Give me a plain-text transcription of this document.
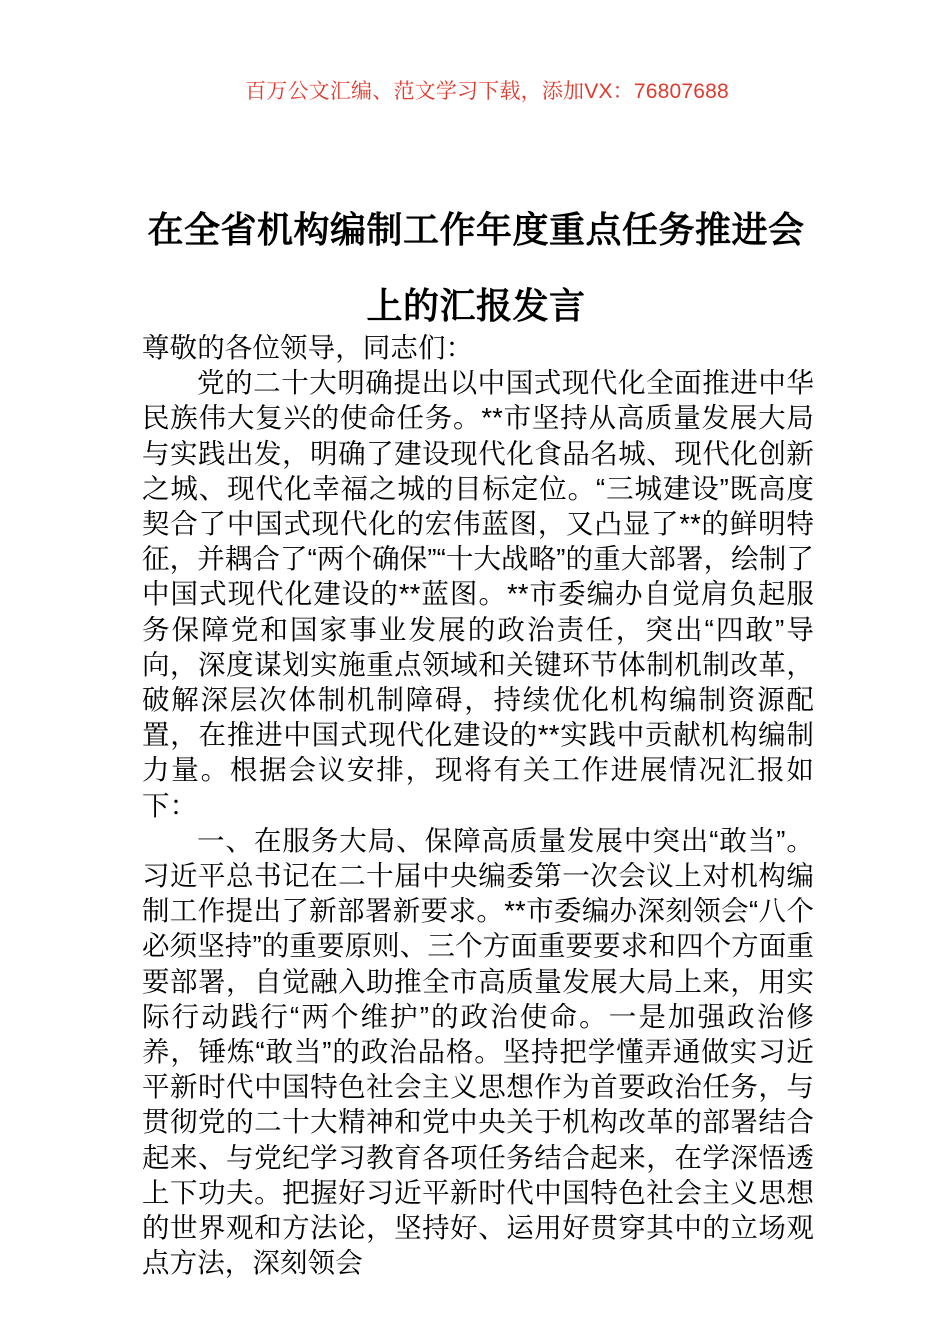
百万公文汇编、范文学习下载，添加VX：76807688
在全省机构编制工作年度重点任务推进会上的汇报发言

尊敬的各位领导，同志们：

党的二十大明确提出以中国式现代化全面推进中华民族伟大复兴的使命任务。**市坚持从高质量发展大局与实践出发，明确了建设现代化食品名城、现代化创新之城、现代化幸福之城的目标定位。“三城建设”既高度契合了中国式现代化的宏伟蓝图，又凸显了**的鲜明特征，并耦合了“两个确保”“十大战略”的重大部署，绘制了中国式现代化建设的**蓝图。**市委编办自觉肩负起服务保障党和国家事业发展的政治责任，突出“四敢”导向，深度谋划实施重点领域和关键环节体制机制改革，破解深层次体制机制障碍，持续优化机构编制资源配置，在推进中国式现代化建设的**实践中贡献机构编制力量。根据会议安排，现将有关工作进展情况汇报如下：

一、在服务大局、保障高质量发展中突出“敢当”。习近平总书记在二十届中央编委第一次会议上对机构编制工作提出了新部署新要求。**市委编办深刻领会“八个必须坚持”的重要原则、三个方面重要要求和四个方面重要部署，自觉融入助推全市高质量发展大局上来，用实际行动践行“两个维护”的政治使命。一是加强政治修养，锤炼“敢当”的政治品格。坚持把学懂弄通做实习近平新时代中国特色社会主义思想作为首要政治任务，与贯彻党的二十大精神和党中央关于机构改革的部署结合起来、与党纪学习教育各项任务结合起来，在学深悟透上下功夫。把握好习近平新时代中国特色社会主义思想的世界观和方法论，坚持好、运用好贯穿其中的立场观点方法，深刻领会
